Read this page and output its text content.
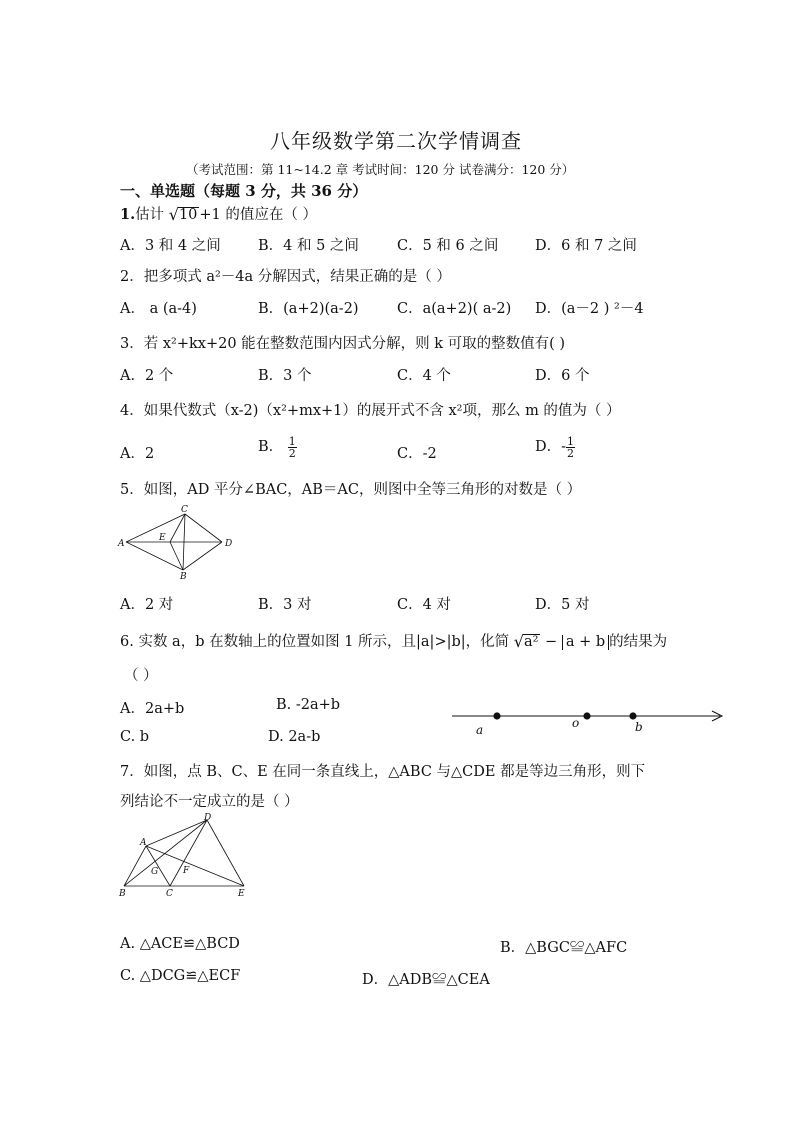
八年级数学第二次学情调查
（考试范围：第 11~14.2 章 考试时间：120 分 试卷满分：120 分）
一、单选题（每题 3 分，共 36 分）
1.估计 √10 +1 的值应在（ ）
A．3 和 4 之间	B．4 和 5 之间	C．5 和 6 之间	D．6 和 7 之间
2．把多项式 a²－4a 分解因式，结果正确的是（ ）
A． a (a-4)	B．(a+2)(a-2)	C．a(a+2)( a-2) D．(a－2 ) ²－4
3．若 x²+kx+20 能在整数范围内因式分解，则 k 可取的整数值有( )
A．2 个	B．3 个	C．4 个	D．6 个
4．如果代数式（x-2)（x²+mx+1）的展开式不含 x²项，那么 m 的值为（ ）
A．2	B． $\frac{1}{2}$	C．-2	D．- $\frac{1}{2}$
5．如图，AD 平分∠BAC，AB＝AC，则图中全等三角形的对数是（ ）
C
A
E
D
B
A．2 对	B．3 对	C．4 对	D．5 对
6. 实数 a，b 在数轴上的位置如图 1 所示，且|a|>|b|，化简 √a² − a + b 的结果为
（ ）
A．2a+b	B. -2a+b
C. b	D. 2a-b	a	o	b
7．如图，点 B、C、E 在同一条直线上，△ABC 与△CDE 都是等边三角形，则下
列结论不一定成立的是（ ）
D
A
G	F
B	C	E
A. △ACE≌△BCD	B．△BGC≌△AFC
C. △DCG≌△ECF	D．△ADB≌△CEA
